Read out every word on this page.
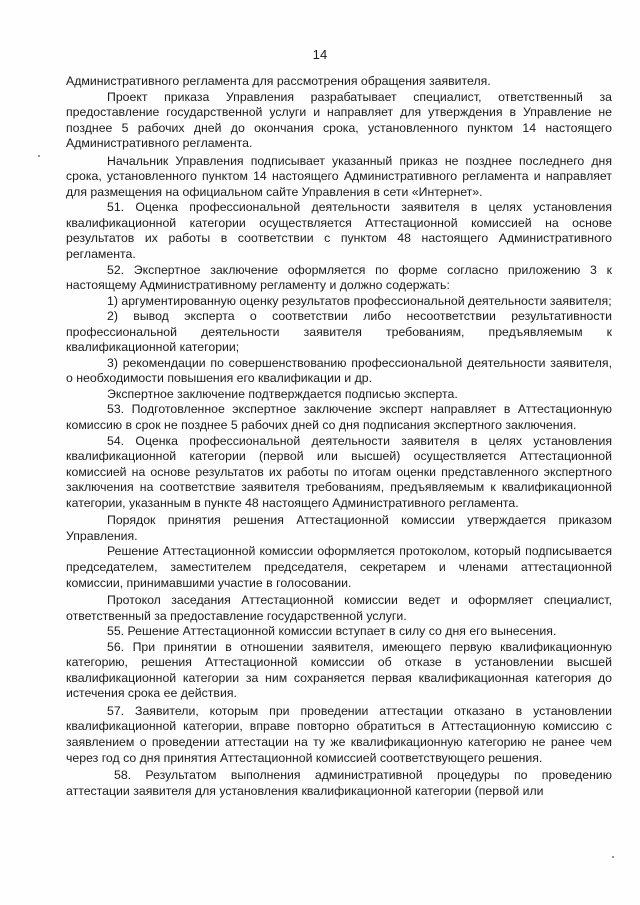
14

Административного регламента для рассмотрения обращения заявителя.

Проект приказа Управления разрабатывает специалист, ответственный за предоставление государственной услуги и направляет для утверждения в Управление не позднее 5 рабочих дней до окончания срока, установленного пунктом 14 настоящего Административного регламента.

Начальник Управления подписывает указанный приказ не позднее последнего дня срока, установленного пунктом 14 настоящего Административного регламента и направляет для размещения на официальном сайте Управления в сети «Интернет».

51. Оценка профессиональной деятельности заявителя в целях установления квалификационной категории осуществляется Аттестационной комиссией на основе результатов их работы в соответствии с пунктом 48 настоящего Административного регламента.

52. Экспертное заключение оформляется по форме согласно приложению 3 к настоящему Административному регламенту и должно содержать:

1) аргументированную оценку результатов профессиональной деятельности заявителя;

2) вывод эксперта о соответствии либо несоответствии результативности профессиональной деятельности заявителя требованиям, предъявляемым к квалификационной категории;

3) рекомендации по совершенствованию профессиональной деятельности заявителя, о необходимости повышения его квалификации и др.

Экспертное заключение подтверждается подписью эксперта.

53. Подготовленное экспертное заключение эксперт направляет в Аттестационную комиссию в срок не позднее 5 рабочих дней со дня подписания экспертного заключения.

54. Оценка профессиональной деятельности заявителя в целях установления квалификационной категории (первой или высшей) осуществляется Аттестационной комиссией на основе результатов их работы по итогам оценки представленного экспертного заключения на соответствие заявителя требованиям, предъявляемым к квалификационной категории, указанным в пункте 48 настоящего Административного регламента.

Порядок принятия решения Аттестационной комиссии утверждается приказом Управления.

Решение Аттестационной комиссии оформляется протоколом, который подписывается председателем, заместителем председателя, секретарем и членами аттестационной комиссии, принимавшими участие в голосовании.

Протокол заседания Аттестационной комиссии ведет и оформляет специалист, ответственный за предоставление государственной услуги.

55. Решение Аттестационной комиссии вступает в силу со дня его вынесения.

56. При принятии в отношении заявителя, имеющего первую квалификационную категорию, решения Аттестационной комиссии об отказе в установлении высшей квалификационной категории за ним сохраняется первая квалификационная категория до истечения срока ее действия.

57. Заявители, которым при проведении аттестации отказано в установлении квалификационной категории, вправе повторно обратиться в Аттестационную комиссию с заявлением о проведении аттестации на ту же квалификационную категорию не ранее чем через год со дня принятия Аттестационной комиссией соответствующего решения.

58. Результатом выполнения административной процедуры по проведению аттестации заявителя для установления квалификационной категории (первой или
